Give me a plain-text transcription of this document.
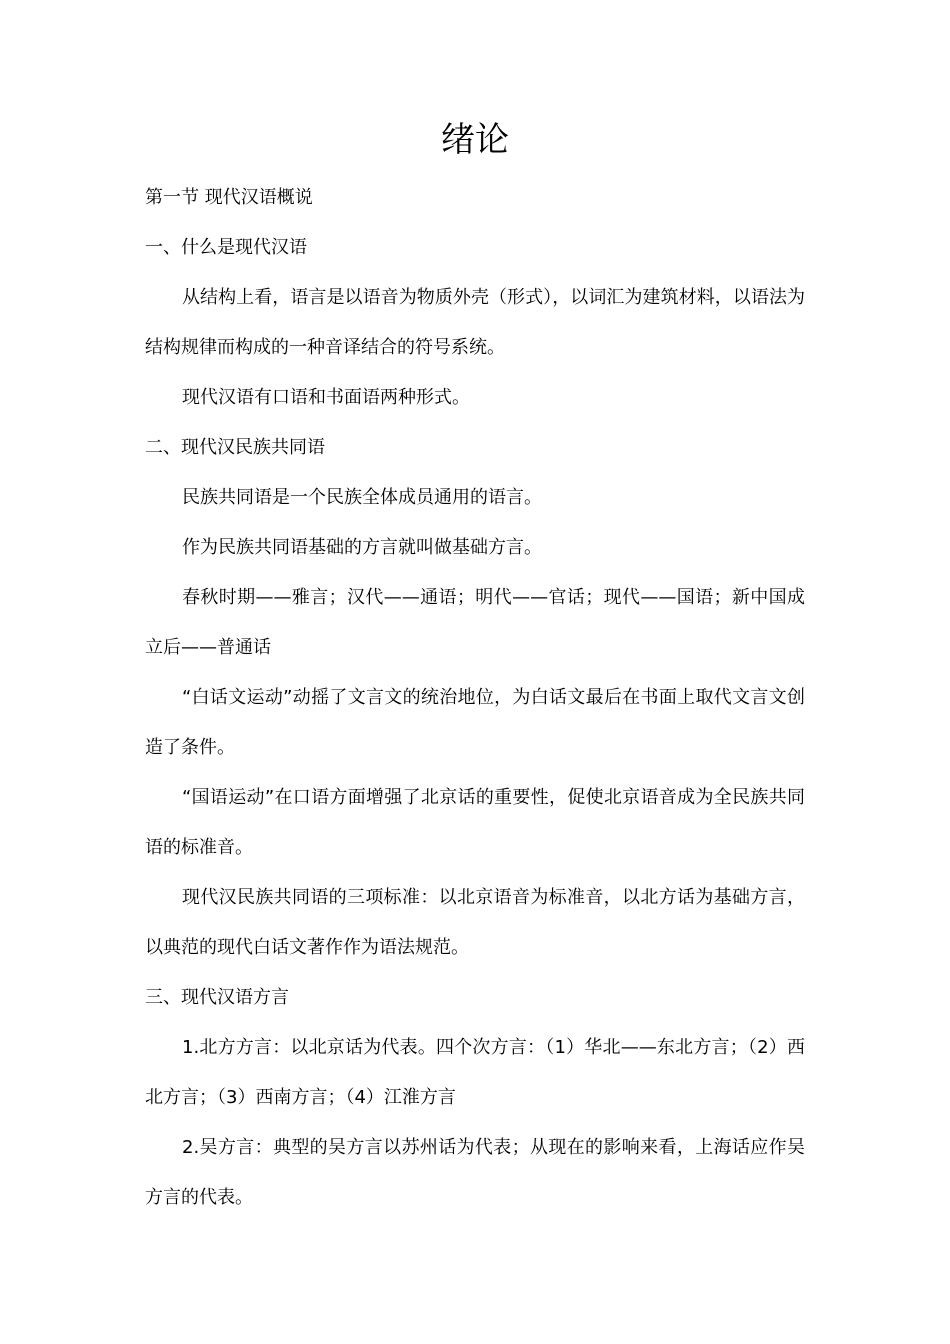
绪论

第一节 现代汉语概说

一、什么是现代汉语

从结构上看，语言是以语音为物质外壳（形式），以词汇为建筑材料，以语法为结构规律而构成的一种音译结合的符号系统。

现代汉语有口语和书面语两种形式。

二、现代汉民族共同语

民族共同语是一个民族全体成员通用的语言。

作为民族共同语基础的方言就叫做基础方言。

春秋时期——雅言；汉代——通语；明代——官话；现代——国语；新中国成立后——普通话

“白话文运动”动摇了文言文的统治地位，为白话文最后在书面上取代文言文创造了条件。

“国语运动”在口语方面增强了北京话的重要性，促使北京语音成为全民族共同语的标准音。

现代汉民族共同语的三项标准：以北京语音为标准音，以北方话为基础方言，以典范的现代白话文著作作为语法规范。

三、现代汉语方言

1.北方方言：以北京话为代表。四个次方言：（1）华北——东北方言；（2）西北方言；（3）西南方言；（4）江淮方言

2.吴方言：典型的吴方言以苏州话为代表；从现在的影响来看，上海话应作吴方言的代表。
